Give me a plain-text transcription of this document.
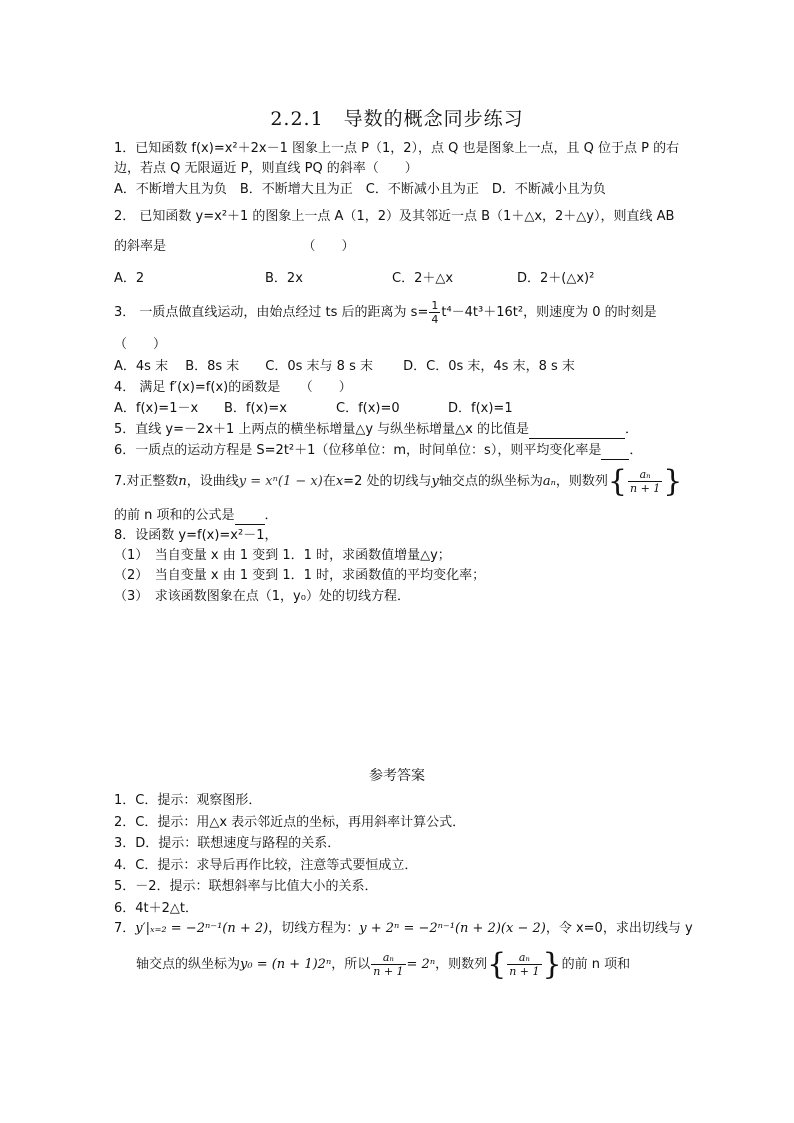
2.2.1　导数的概念同步练习
1．已知函数 f(x)=x²＋2x－1 图象上一点 P（1，2），点 Q 也是图象上一点，且 Q 位于点 P 的右
边，若点 Q 无限逼近 P，则直线 PQ 的斜率（　　）
A．不断增大且为负　B．不断增大且为正　C．不断减小且为正　D．不断减小且为负
2． 已知函数 y=x²＋1 的图象上一点 A（1，2）及其邻近一点 B（1＋△x，2＋△y），则直线 AB
的斜率是　　　　　　　　　　　（　　）
A．2	B．2x	C．2＋△x	D．2＋(△x)²
3． 一质点做直线运动，由始点经过 ts 后的距离为 $s= \frac{1}{4} t^4-4t^3+16t^2$，则速度为 0 的时刻是
（　　）
A．4s 末　 B．8s 末　　C．0s 末与 8 s 末　　 D．C．0s 末，4s 末，8 s 末
4． 满足 f′(x)=f(x)的函数是　　（　　）
A．f(x)=1－x B．f(x)=x	C．f(x)=0	D．f(x)=1
5．直线 y=－2x＋1 上两点的横坐标增量△y 与纵坐标增量△x 的比值是	．
6．一质点的运动方程是 S=2t²＋1（位移单位：m，时间单位：s），则平均变化率是 ．
7.对正整数n，设曲线y = xⁿ(1 − x)在x=2 处的切线与y轴交点的纵坐标为aₙ，则数列{ $\frac{\text{aₙ}}{n + 1}$ }
的前 n 项和的公式是 ．
8．设函数 y=f(x)=x²－1，
（1）　当自变量 x 由 1 变到 1．1 时，求函数值增量△y；
（2）　当自变量 x 由 1 变到 1．1 时，求函数值的平均变化率；
（3）　求该函数图象在点（1，y₀）处的切线方程．
参考答案
1．C．提示：观察图形．
2．C．提示：用△x 表示邻近点的坐标，再用斜率计算公式．
3．D．提示：联想速度与路程的关系．
4．C．提示：求导后再作比较，注意等式要恒成立．
5．－2．提示：联想斜率与比值大小的关系．
6．4t＋2△t．
7．y′|ₓ₌₂ = −2ⁿ⁻¹(n + 2)，切线方程为：y + 2ⁿ = −2ⁿ⁻¹(n + 2)(x − 2)，令 x=0，求出切线与 y
轴交点的纵坐标为y₀ = (n + 1)2ⁿ，所以 $\frac{\text{aₙ}}{n + 1} = 2^n$，则数列{ $\frac{\text{aₙ}}{n + 1}$ }的前 n 项和
